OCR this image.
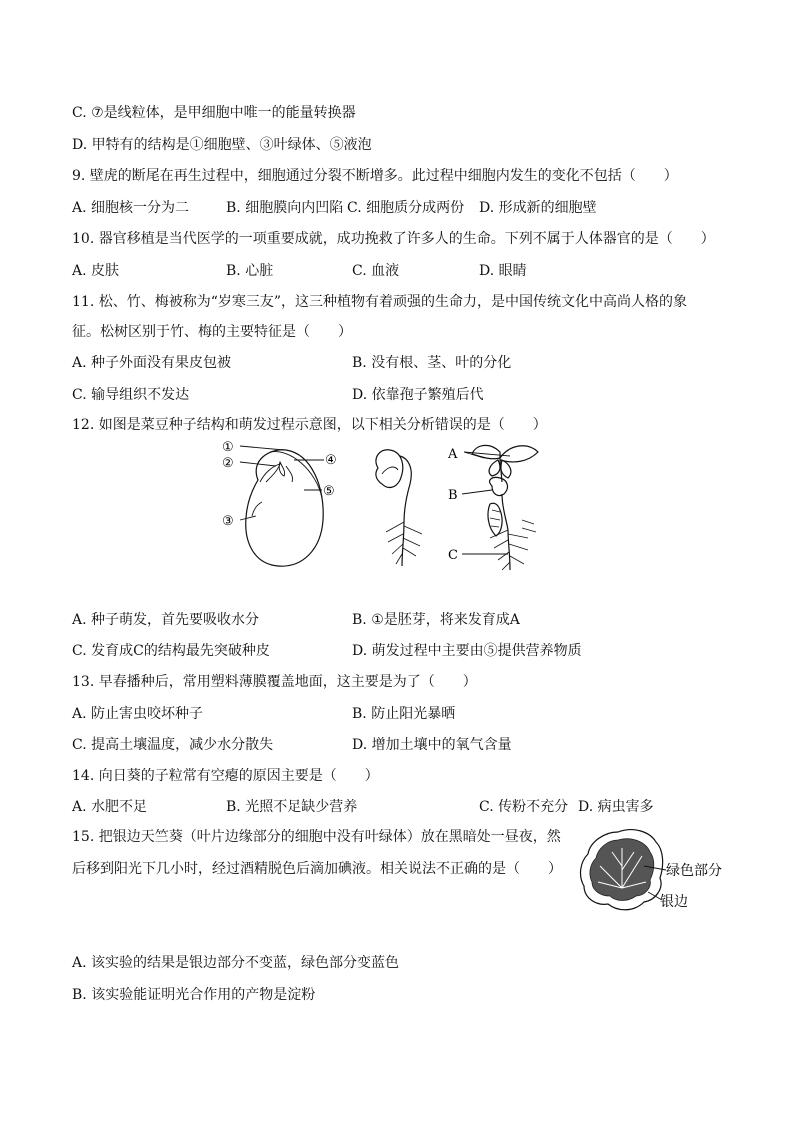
C. ⑦是线粒体，是甲细胞中唯一的能量转换器
D. 甲特有的结构是①细胞壁、③叶绿体、⑤液泡
9. 壁虎的断尾在再生过程中，细胞通过分裂不断增多。此过程中细胞内发生的变化不包括（　　）
A. 细胞核一分为二	B. 细胞膜向内凹陷 C. 细胞质分成两份 D. 形成新的细胞壁
10. 器官移植是当代医学的一项重要成就，成功挽救了许多人的生命。下列不属于人体器官的是（　　）
A. 皮肤	B. 心脏	C. 血液	D. 眼睛
11. 松、竹、梅被称为“岁寒三友”，这三种植物有着顽强的生命力，是中国传统文化中高尚人格的象
征。松树区别于竹、梅的主要特征是（　　）
A. 种子外面没有果皮包被	B. 没有根、茎、叶的分化
C. 输导组织不发达	D. 依靠孢子繁殖后代
12. 如图是菜豆种子结构和萌发过程示意图，以下相关分析错误的是（　　）
①
②
③
④
⑤
A
B
C
A. 种子萌发，首先要吸收水分	B. ①是胚芽，将来发育成A
C. 发育成C的结构最先突破种皮	D. 萌发过程中主要由⑤提供营养物质
13. 早春播种后，常用塑料薄膜覆盖地面，这主要是为了（　　）
A. 防止害虫咬坏种子	B. 防止阳光暴晒
C. 提高土壤温度，减少水分散失	D. 增加土壤中的氧气含量
14. 向日葵的子粒常有空瘪的原因主要是（　　）
A. 水肥不足	B. 光照不足缺少营养	C. 传粉不充分 D. 病虫害多
15. 把银边天竺葵（叶片边缘部分的细胞中没有叶绿体）放在黑暗处一昼夜，然
后移到阳光下几小时，经过酒精脱色后滴加碘液。相关说法不正确的是（　　）	绿色部分
银边
A. 该实验的结果是银边部分不变蓝，绿色部分变蓝色
B. 该实验能证明光合作用的产物是淀粉
